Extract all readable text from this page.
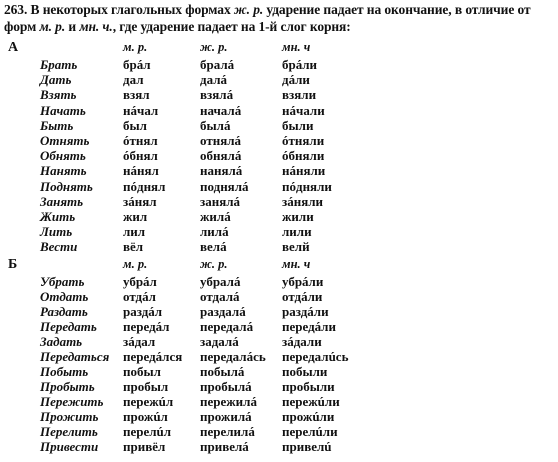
263. В некоторых глагольных формах ж. р. ударение падает на окончание, в отличие от
форм м. р. и мн. ч., где ударение падает на 1-й слог корня:
А	м. р.	ж. р.	мн. ч
Брать	брáл	бралá	брáли
Дать	дал	далá	дáли
Взять	взял	взялá	взяли
Начать	нáчал	началá	нáчали
Быть	был	былá	были
Отнять	óтнял	отнялá	óтняли
Обнять	óбнял	обнялá	óбняли
Нанять	нáнял	нанялá	нáняли
Поднять пóднял	поднялá	пóдняли
Занять	зáнял	занялá	зáняли
Жить	жил	жилá	жили
Лить	лил	лилá	лили
Вести	вёл	велá	велй
Б	м. р.	ж. р.	мн. ч
Убрать	убрáл	убралá	убрáли
Отдать	отдáл	отдалá	отдáли
Раздать	раздáл	раздалá	раздáли
Передать передáл передалá передáли
Задать	зáдал	задалá	зáдали
Передаться передáлся передалáсь передалúсь
Побыть	побыл	побылá	побыли
Пробыть пробыл пробылá пробыли
Пережить пережúл пережилá пережúли
Прожить прожúл прожилá прожúли
Перелить перелúл перелилá перелúли
Привести привёл	привелá	привелú
